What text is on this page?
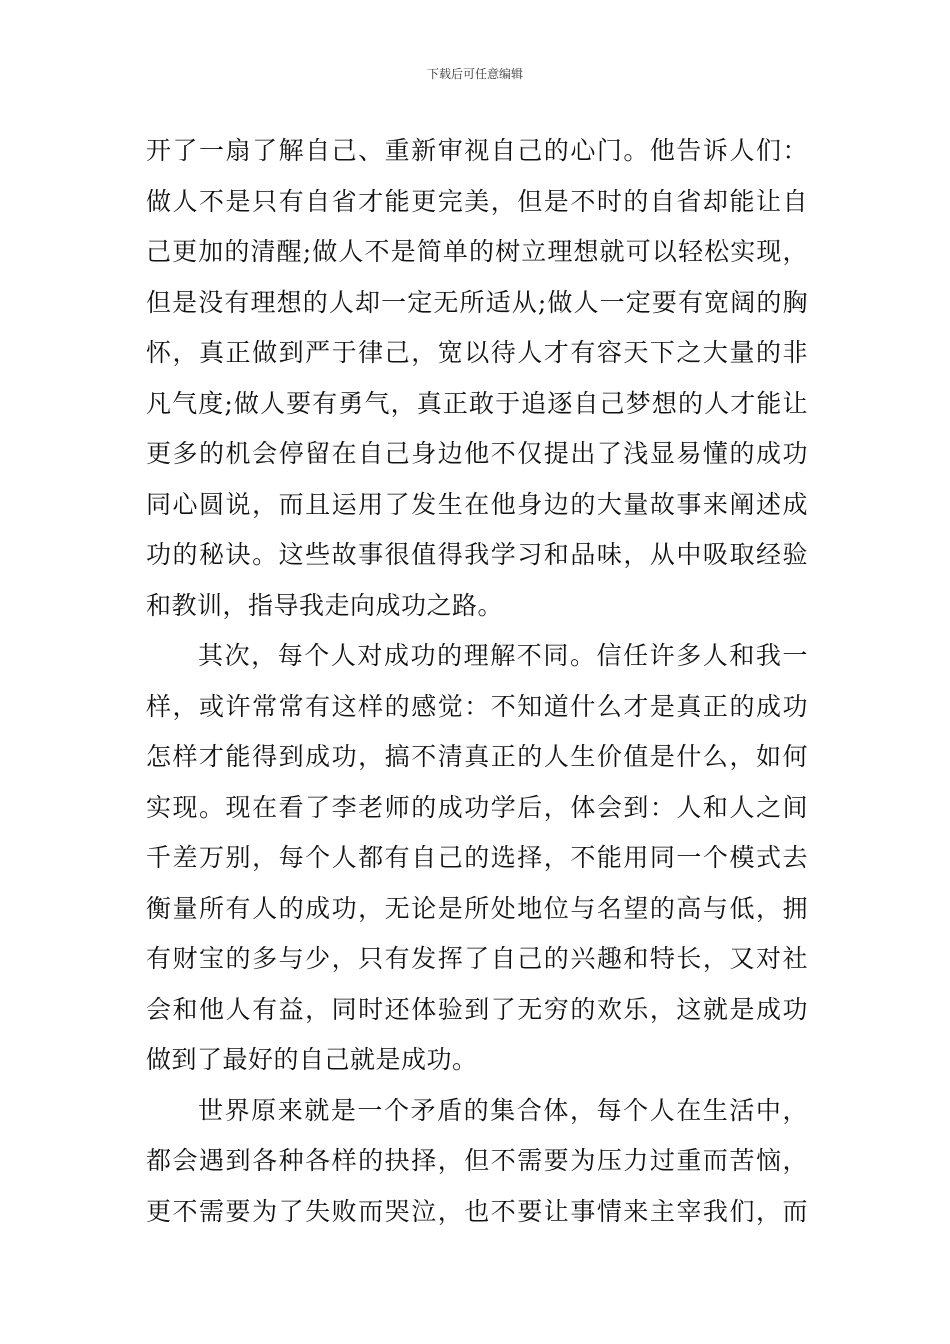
下载后可任意编辑
开了一扇了解自己、重新审视自己的心门。他告诉人们：
做人不是只有自省才能更完美，但是不时的自省却能让自
己更加的清醒;做人不是简单的树立理想就可以轻松实现，
但是没有理想的人却一定无所适从;做人一定要有宽阔的胸
怀，真正做到严于律己，宽以待人才有容天下之大量的非
凡气度;做人要有勇气，真正敢于追逐自己梦想的人才能让
更多的机会停留在自己身边他不仅提出了浅显易懂的成功
同心圆说，而且运用了发生在他身边的大量故事来阐述成
功的秘诀。这些故事很值得我学习和品味，从中吸取经验
和教训，指导我走向成功之路。
其次，每个人对成功的理解不同。信任许多人和我一
样，或许常常有这样的感觉：不知道什么才是真正的成功
怎样才能得到成功，搞不清真正的人生价值是什么，如何
实现。现在看了李老师的成功学后，体会到：人和人之间
千差万别，每个人都有自己的选择，不能用同一个模式去
衡量所有人的成功，无论是所处地位与名望的高与低，拥
有财宝的多与少，只有发挥了自己的兴趣和特长，又对社
会和他人有益，同时还体验到了无穷的欢乐，这就是成功
做到了最好的自己就是成功。
世界原来就是一个矛盾的集合体，每个人在生活中，
都会遇到各种各样的抉择，但不需要为压力过重而苦恼，
更不需要为了失败而哭泣，也不要让事情来主宰我们，而
